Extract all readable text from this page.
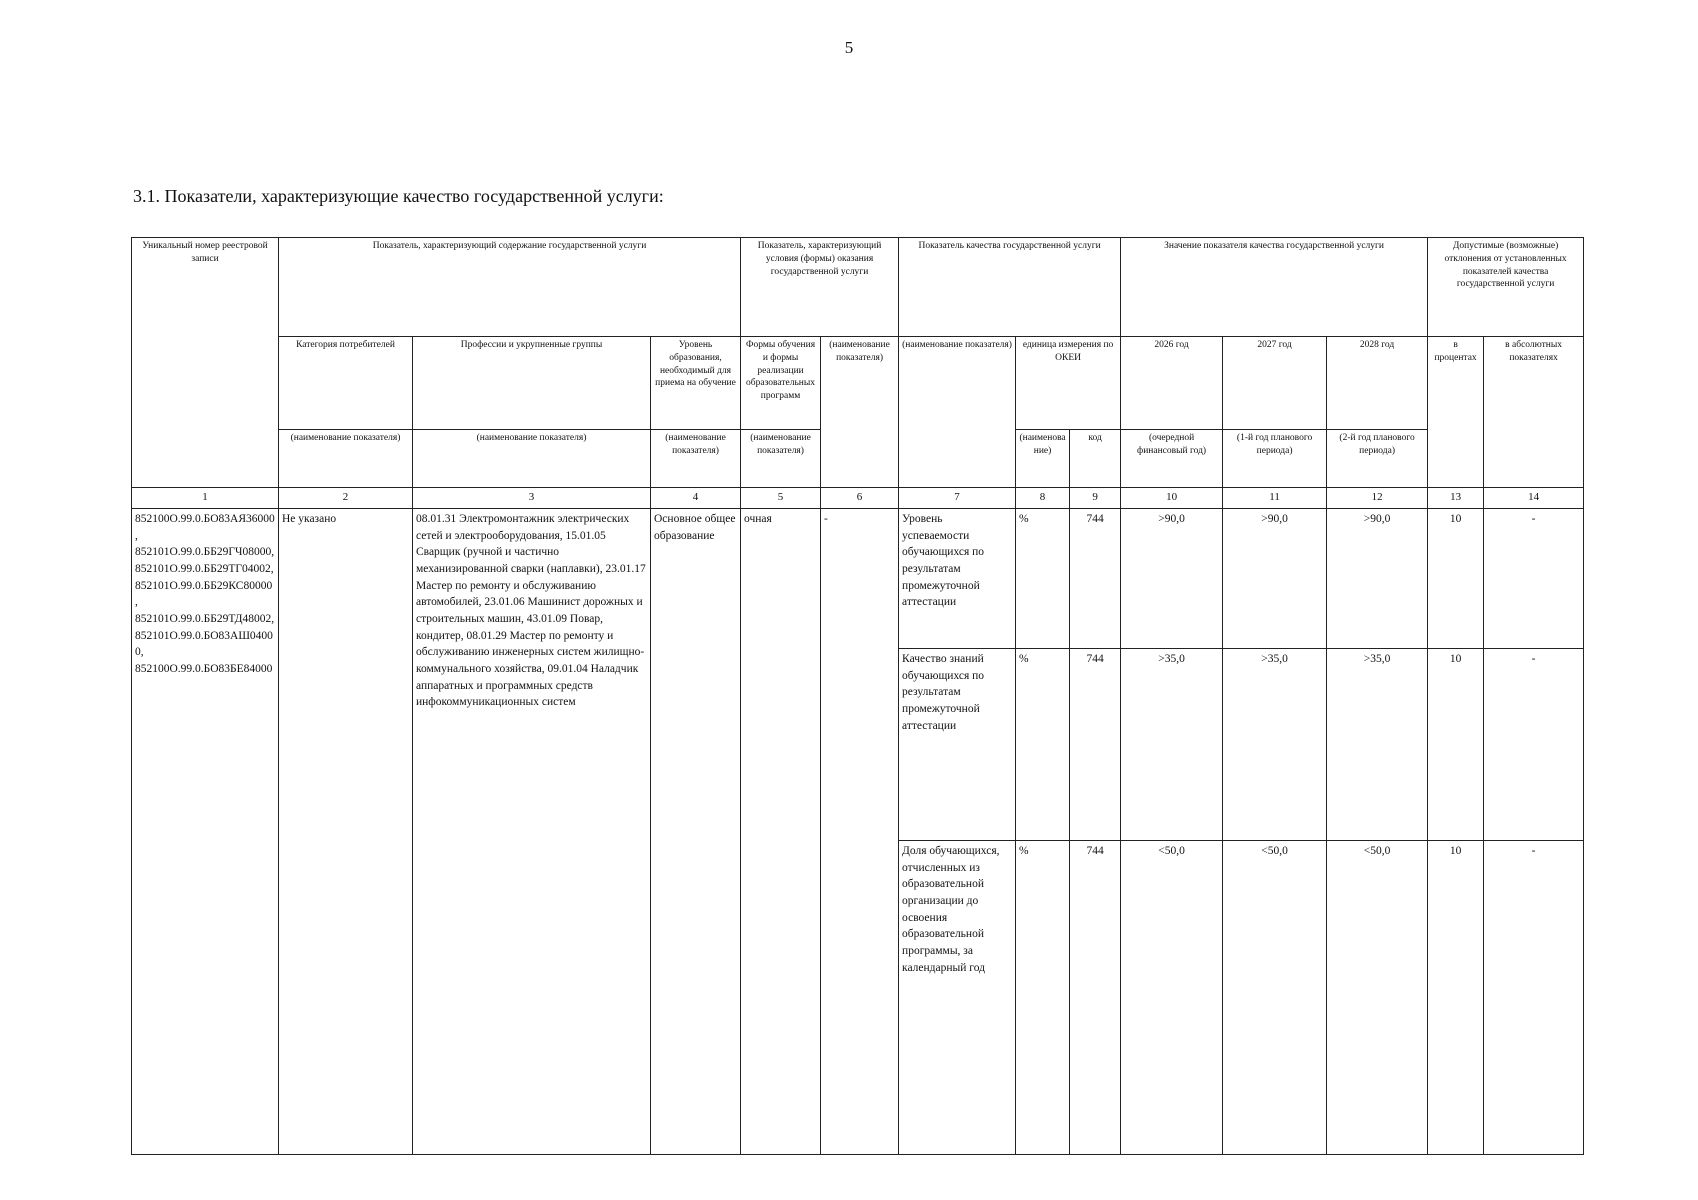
5
3.1. Показатели, характеризующие качество государственной услуги:
Уникальный номер реестровой записи	Показатель, характеризующий содержание государственной услуги			Показатель, характеризующий условия (формы) оказания государственной услуги		Показатель качества государственной услуги			Значение показателя качества государственной услуги			Допустимые (возможные) отклонения от установленных показателей качества государственной услуги	
	Категория потребителей	Профессии и укрупненные группы	Уровень образования, необходимый для приема на обучение	Формы обучения и формы реализации образовательных программ	(наименование показателя)	(наименование показателя)	единица измерения по ОКЕИ		2026 год	2027 год	2028 год	в процентах	в абсолютных показателях
	(наименование показателя)	(наименование показателя)	(наименование показателя)	(наименование показателя)			(наименование)	код	(очередной финансовый год)	(1-й год планового периода)	(2-й год планового периода)		
1	2	3	4	5	6	7	8	9	10	11	12	13	14
852100О.99.0.БО83АЯ36000, 852101О.99.0.ББ29ГЧ08000, 852101О.99.0.ББ29ТГ04002, 852101О.99.0.ББ29КС80000, 852101О.99.0.ББ29ТД48002, 852101О.99.0.БО83АШ04000, 852100О.99.0.БО83БЕ84000	Не указано	08.01.31 Электромонтажник электрических сетей и электрооборудования, 15.01.05 Сварщик (ручной и частично механизированной сварки (наплавки), 23.01.17 Мастер по ремонту и обслуживанию автомобилей, 23.01.06 Машинист дорожных и строительных машин, 43.01.09 Повар, кондитер, 08.01.29 Мастер по ремонту и обслуживанию инженерных систем жилищно-коммунального хозяйства, 09.01.04 Наладчик аппаратных и программных средств инфокоммуникационных систем	Основное общее образование	очная	-	Уровень успеваемости обучающихся по результатам промежуточной аттестации	%	744	>90,0	>90,0	>90,0	10	-
						Качество знаний обучающихся по результатам промежуточной аттестации	%	744	>35,0	>35,0	>35,0	10	-
						Доля обучающихся, отчисленных из образовательной организации до освоения образовательной программы, за календарный год	%	744	<50,0	<50,0	<50,0	10	-
